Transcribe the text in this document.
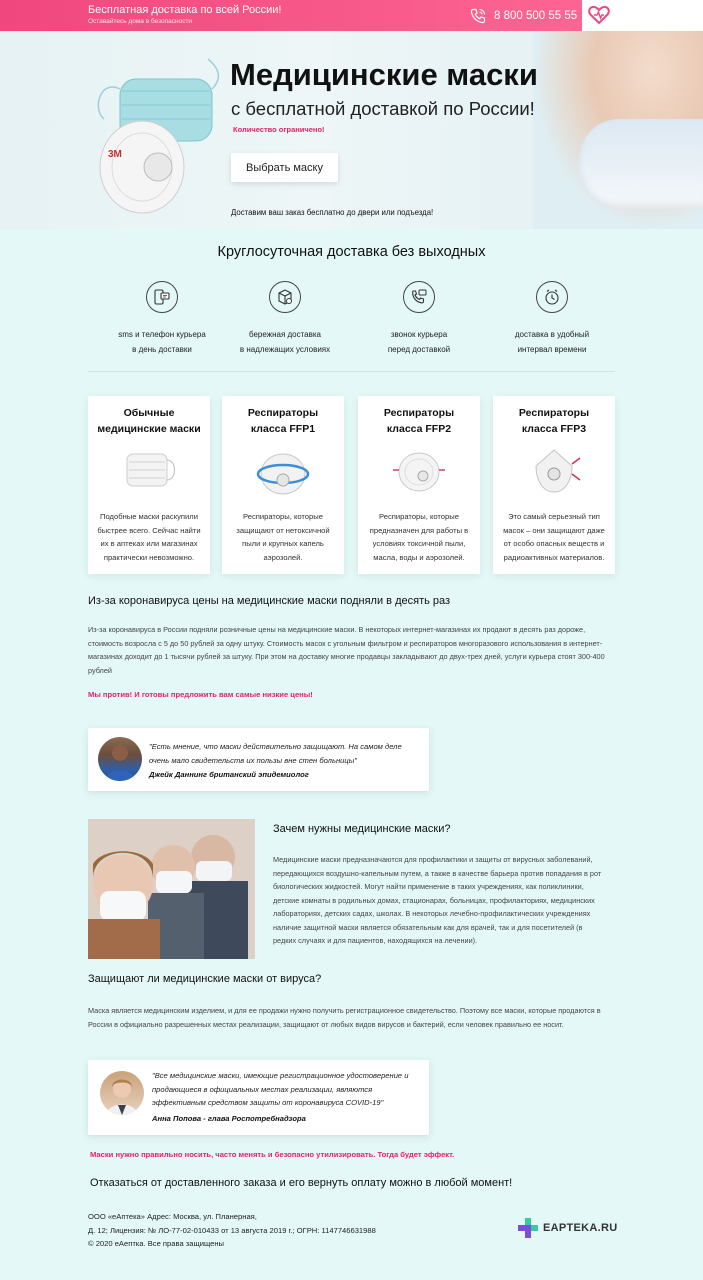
Бесплатная доставка по всей России!
Оставайтесь дома в безопасности	8 800 500 55 55
3M
Медицинские маски
с бесплатной доставкой по России!
Количество ограничено!
Выбрать маску
Доставим ваш заказ бесплатно до двери или подъезда!
Круглосуточная доставка без выходных
sms и телефон курьера
в день доставки
бережная доставка
в надлежащих условиях
звонок курьера
перед доставкой
доставка в удобный
интервал времени
Обычные
медицинские маски
Подобные маски раскупили быстрее всего. Сейчас найти их в аптеках или магазинах практически невозможно.
Респираторы
класса FFP1
Респираторы, которые защищают от нетоксичной пыли и крупных капель аэрозолей.
Респираторы
класса FFP2
Респираторы, которые предназначен для работы в условиях токсичной пыли, масла, воды и аэрозолей.
Респираторы
класса FFP3
Это самый серьезный тип масок – они защищают даже от особо опасных веществ и радиоактивных материалов.
Из-за коронавируса цены на медицинские маски подняли в десять раз
Из-за коронавируса в России подняли розничные цены на медицинские маски. В некоторых интернет-магазинах их продают в десять раз дороже, стоимость возросла с 5 до 50 рублей за одну штуку. Стоимость масок с угольным фильтром и респираторов многоразового использования в интернет-магазинах доходит до 1 тысячи рублей за штуку. При этом на доставку многие продавцы закладывают до двух-трех дней, услуги курьера стоят 300-400 рублей
Мы против! И готовы предложить вам самые низкие цены!
"Есть мнение, что маски действительно защищают. На самом деле очень мало свидетельств их пользы вне стен больницы"
Джейк Даннинг британский эпидемиолог
Зачем нужны медицинские маски?
Медицинские маски предназначаются для профилактики и защиты от вирусных заболеваний, передающихся воздушно-капельным путем, а также в качестве барьера против попадания в рот биологических жидкостей. Могут найти применение в таких учреждениях, как поликлиники, детские комнаты в родильных домах, стационарах, больницах, профилакториях, медицинских лабораториях, детских садах, школах. В некоторых лечебно-профилактических учреждениях наличие защитной маски является обязательным как для врачей, так и для посетителей (в редких случаях и для пациентов, находящихся на лечении).
Защищают ли медицинские маски от вируса?
Маска является медицинским изделием, и для ее продажи нужно получить регистрационное свидетельство. Поэтому все маски, которые продаются в России в официально разрешенных местах реализации, защищают от любых видов вирусов и бактерий, если человек правильно ее носит.
"Все медицинские маски, имеющие регистрационное удостоверение и продающиеся в официальных местах реализации, являются эффективным средством защиты от коронавируса COVID-19"
Анна Попова - глава Роспотребнадзора
Маски нужно правильно носить, часто менять и безопасно утилизировать. Тогда будет эффект.
Отказаться от доставленного заказа и его вернуть оплату можно в любой момент!
ООО «еАптека» Адрес: Москва, ул. Планерная,
Д. 12; Лицензия: № ЛО-77-02-010433 от 13 августа 2019 г.; ОГРН: 1147746631988
© 2020 еАептка. Все права защищены
EAPTEKA.RU
